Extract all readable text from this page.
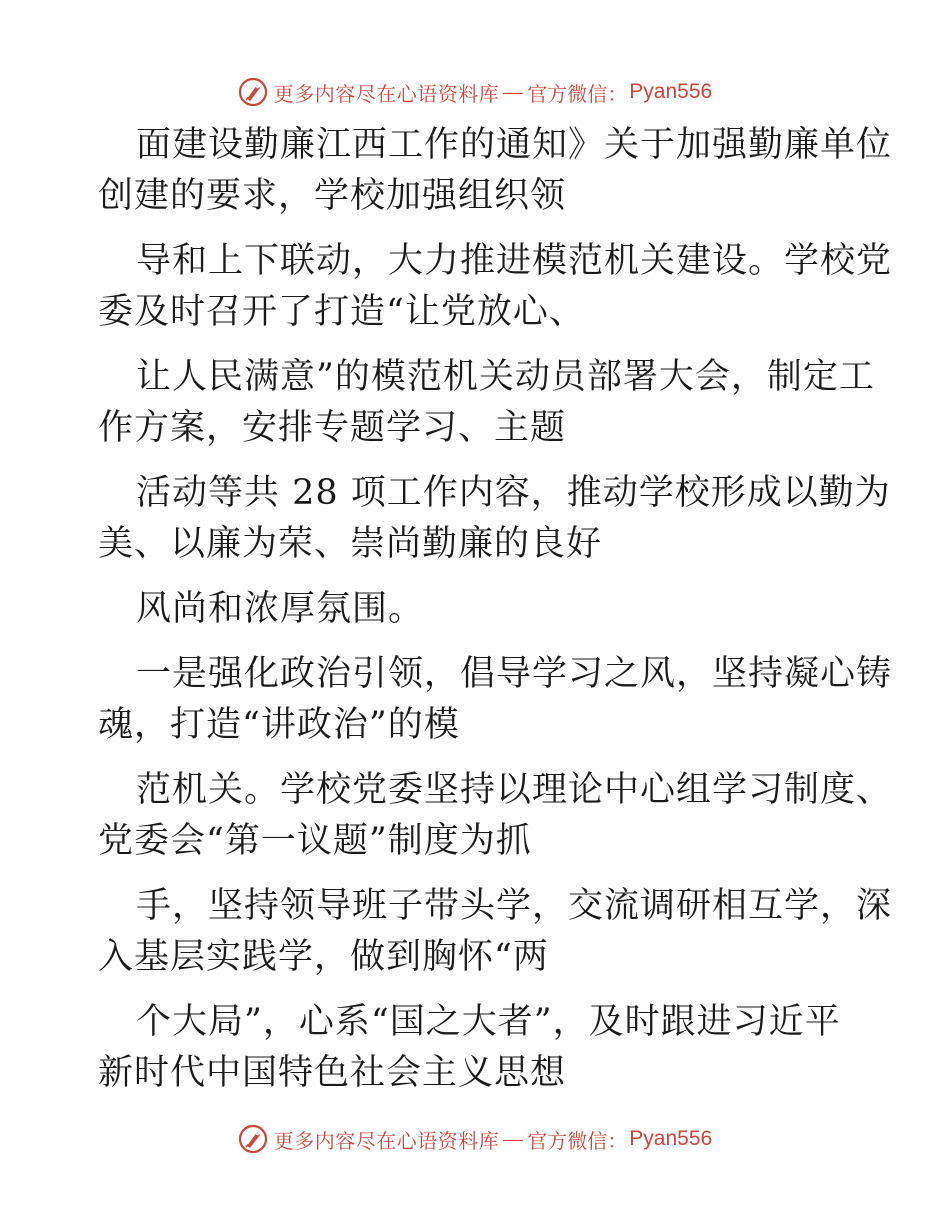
更多内容尽在心语资料库 官方微信： Pyan556
面建设勤廉江西工作的通知》关于加强勤廉单位
创建的要求，学校加强组织领
导和上下联动，大力推进模范机关建设。学校党
委及时召开了打造“让党放心、
让人民满意”的模范机关动员部署大会，制定工
作方案，安排专题学习、主题
活动等共 28 项工作内容，推动学校形成以勤为
美、以廉为荣、崇尚勤廉的良好
风尚和浓厚氛围。
一是强化政治引领，倡导学习之风，坚持凝心铸
魂，打造“讲政治”的模
范机关。学校党委坚持以理论中心组学习制度、
党委会“第一议题”制度为抓
手，坚持领导班子带头学，交流调研相互学，深
入基层实践学，做到胸怀“两
个大局”，心系“国之大者”，及时跟进习近平
新时代中国特色社会主义思想
更多内容尽在心语资料库 官方微信： Pyan556
